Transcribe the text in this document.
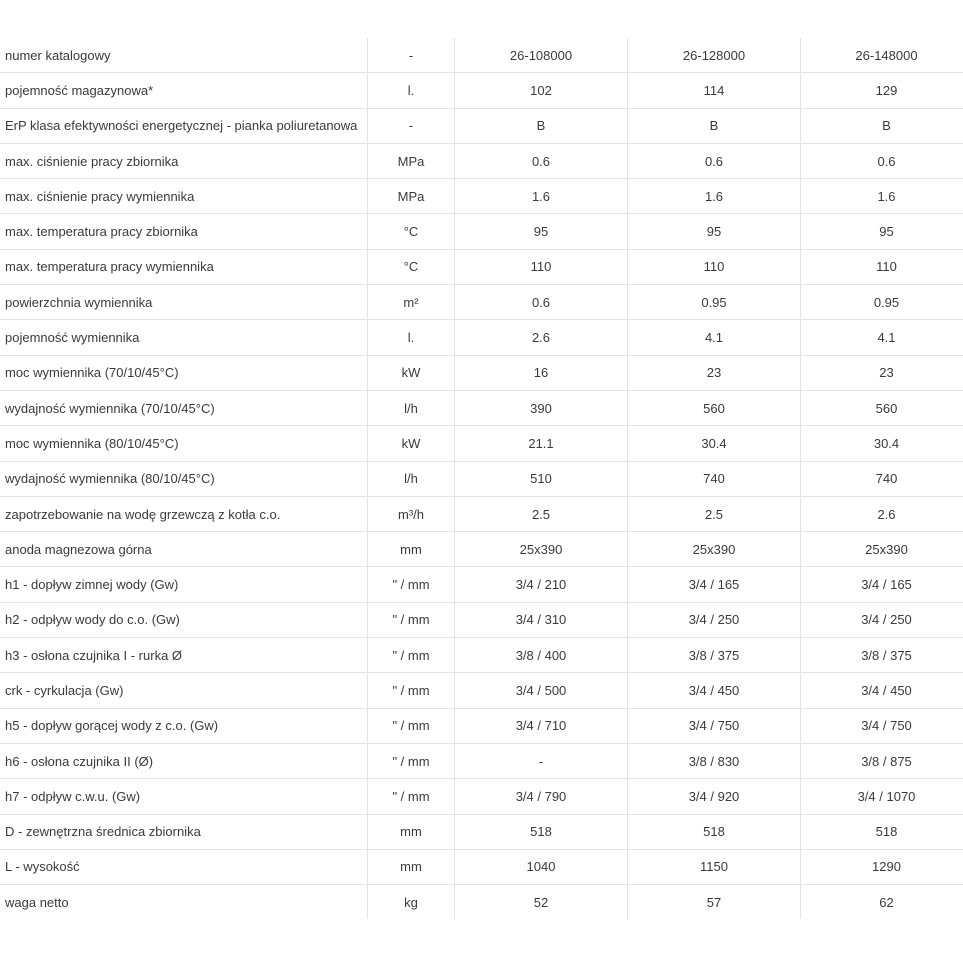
numer katalogowy	-	26-108000	26-128000	26-148000
pojemność magazynowa*	l.	102	114	129
ErP klasa efektywności energetycznej - pianka poliuretanowa	-	B	B	B
max. ciśnienie pracy zbiornika	MPa	0.6	0.6	0.6
max. ciśnienie pracy wymiennika	MPa	1.6	1.6	1.6
max. temperatura pracy zbiornika	°C	95	95	95
max. temperatura pracy wymiennika	°C	110	110	110
powierzchnia wymiennika	m²	0.6	0.95	0.95
pojemność wymiennika	l.	2.6	4.1	4.1
moc wymiennika (70/10/45°C)	kW	16	23	23
wydajność wymiennika (70/10/45°C)	l/h	390	560	560
moc wymiennika (80/10/45°C)	kW	21.1	30.4	30.4
wydajność wymiennika (80/10/45°C)	l/h	510	740	740
zapotrzebowanie na wodę grzewczą z kotła c.o.	m³/h	2.5	2.5	2.6
anoda magnezowa górna	mm	25x390	25x390	25x390
h1 - dopływ zimnej wody (Gw)	" / mm	3/4 / 210	3/4 / 165	3/4 / 165
h2 - odpływ wody do c.o. (Gw)	" / mm	3/4 / 310	3/4 / 250	3/4 / 250
h3 - osłona czujnika I - rurka Ø	" / mm	3/8 / 400	3/8 / 375	3/8 / 375
crk - cyrkulacja (Gw)	" / mm	3/4 / 500	3/4 / 450	3/4 / 450
h5 - dopływ gorącej wody z c.o. (Gw)	" / mm	3/4 / 710	3/4 / 750	3/4 / 750
h6 - osłona czujnika II (Ø)	" / mm	-	3/8 / 830	3/8 / 875
h7 - odpływ c.w.u. (Gw)	" / mm	3/4 / 790	3/4 / 920	3/4 / 1070
D - zewnętrzna średnica zbiornika	mm	518	518	518
L - wysokość	mm	1040	1150	1290
waga netto	kg	52	57	62
